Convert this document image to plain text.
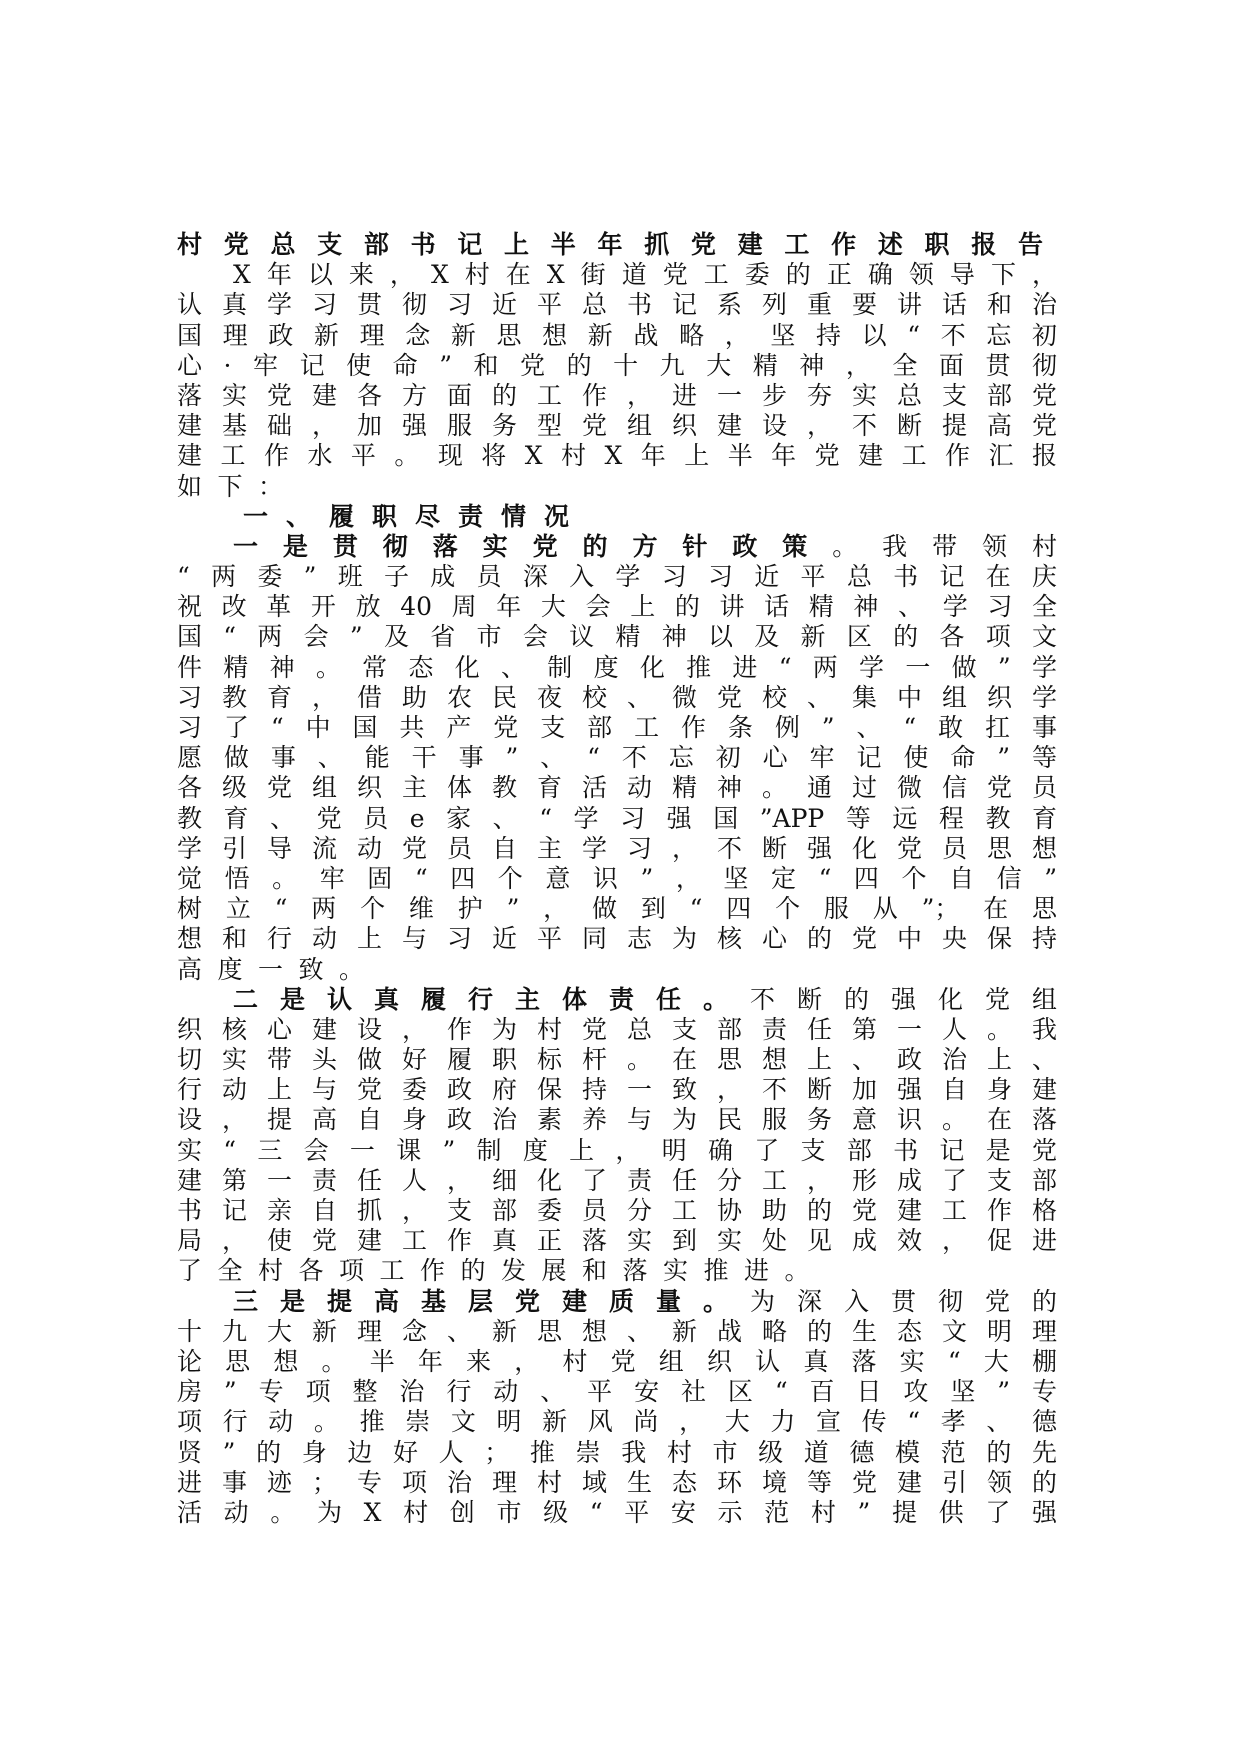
村党总支部书记上半年抓党建工作述职报告
X年以来，X村在X街道党工委的正确领导下，
认真学习贯彻习近平总书记系列重要讲话和治
国理政新理念新思想新战略，坚持以“不忘初
心·牢记使命”和党的十九大精神，全面贯彻
落实党建各方面的工作，进一步夯实总支部党
建基础，加强服务型党组织建设，不断提高党
建工作水平。现将X村X年上半年党建工作汇报
如下：
一、履职尽责情况
一是贯彻落实党的方针政策。我带领村
“两委”班子成员深入学习习近平总书记在庆
祝改革开放40周年大会上的讲话精神、学习全
国“两会”及省市会议精神以及新区的各项文
件精神。常态化、制度化推进“两学一做”学
习教育，借助农民夜校、微党校、集中组织学
习了“中国共产党支部工作条例”、“敢扛事
愿做事、能干事”、“不忘初心牢记使命”等
各级党组织主体教育活动精神。通过微信党员
教育、党员e家、“学习强国”APP等远程教育
学引导流动党员自主学习，不断强化党员思想
觉悟。牢固“四个意识”，坚定“四个自信”
树立“两个维护”，做到“四个服从”；在思
想和行动上与习近平同志为核心的党中央保持
高度一致。
二是认真履行主体责任。不断的强化党组
织核心建设，作为村党总支部责任第一人。我
切实带头做好履职标杆。在思想上、政治上、
行动上与党委政府保持一致，不断加强自身建
设，提高自身政治素养与为民服务意识。在落
实“三会一课”制度上，明确了支部书记是党
建第一责任人，细化了责任分工，形成了支部
书记亲自抓，支部委员分工协助的党建工作格
局，使党建工作真正落实到实处见成效，促进
了全村各项工作的发展和落实推进。
三是提高基层党建质量。为深入贯彻党的
十九大新理念、新思想、新战略的生态文明理
论思想。半年来，村党组织认真落实“大棚
房”专项整治行动、平安社区“百日攻坚”专
项行动。推崇文明新风尚，大力宣传“孝、德
贤”的身边好人；推崇我村市级道德模范的先
进事迹；专项治理村域生态环境等党建引领的
活动。为X村创市级“平安示范村”提供了强
